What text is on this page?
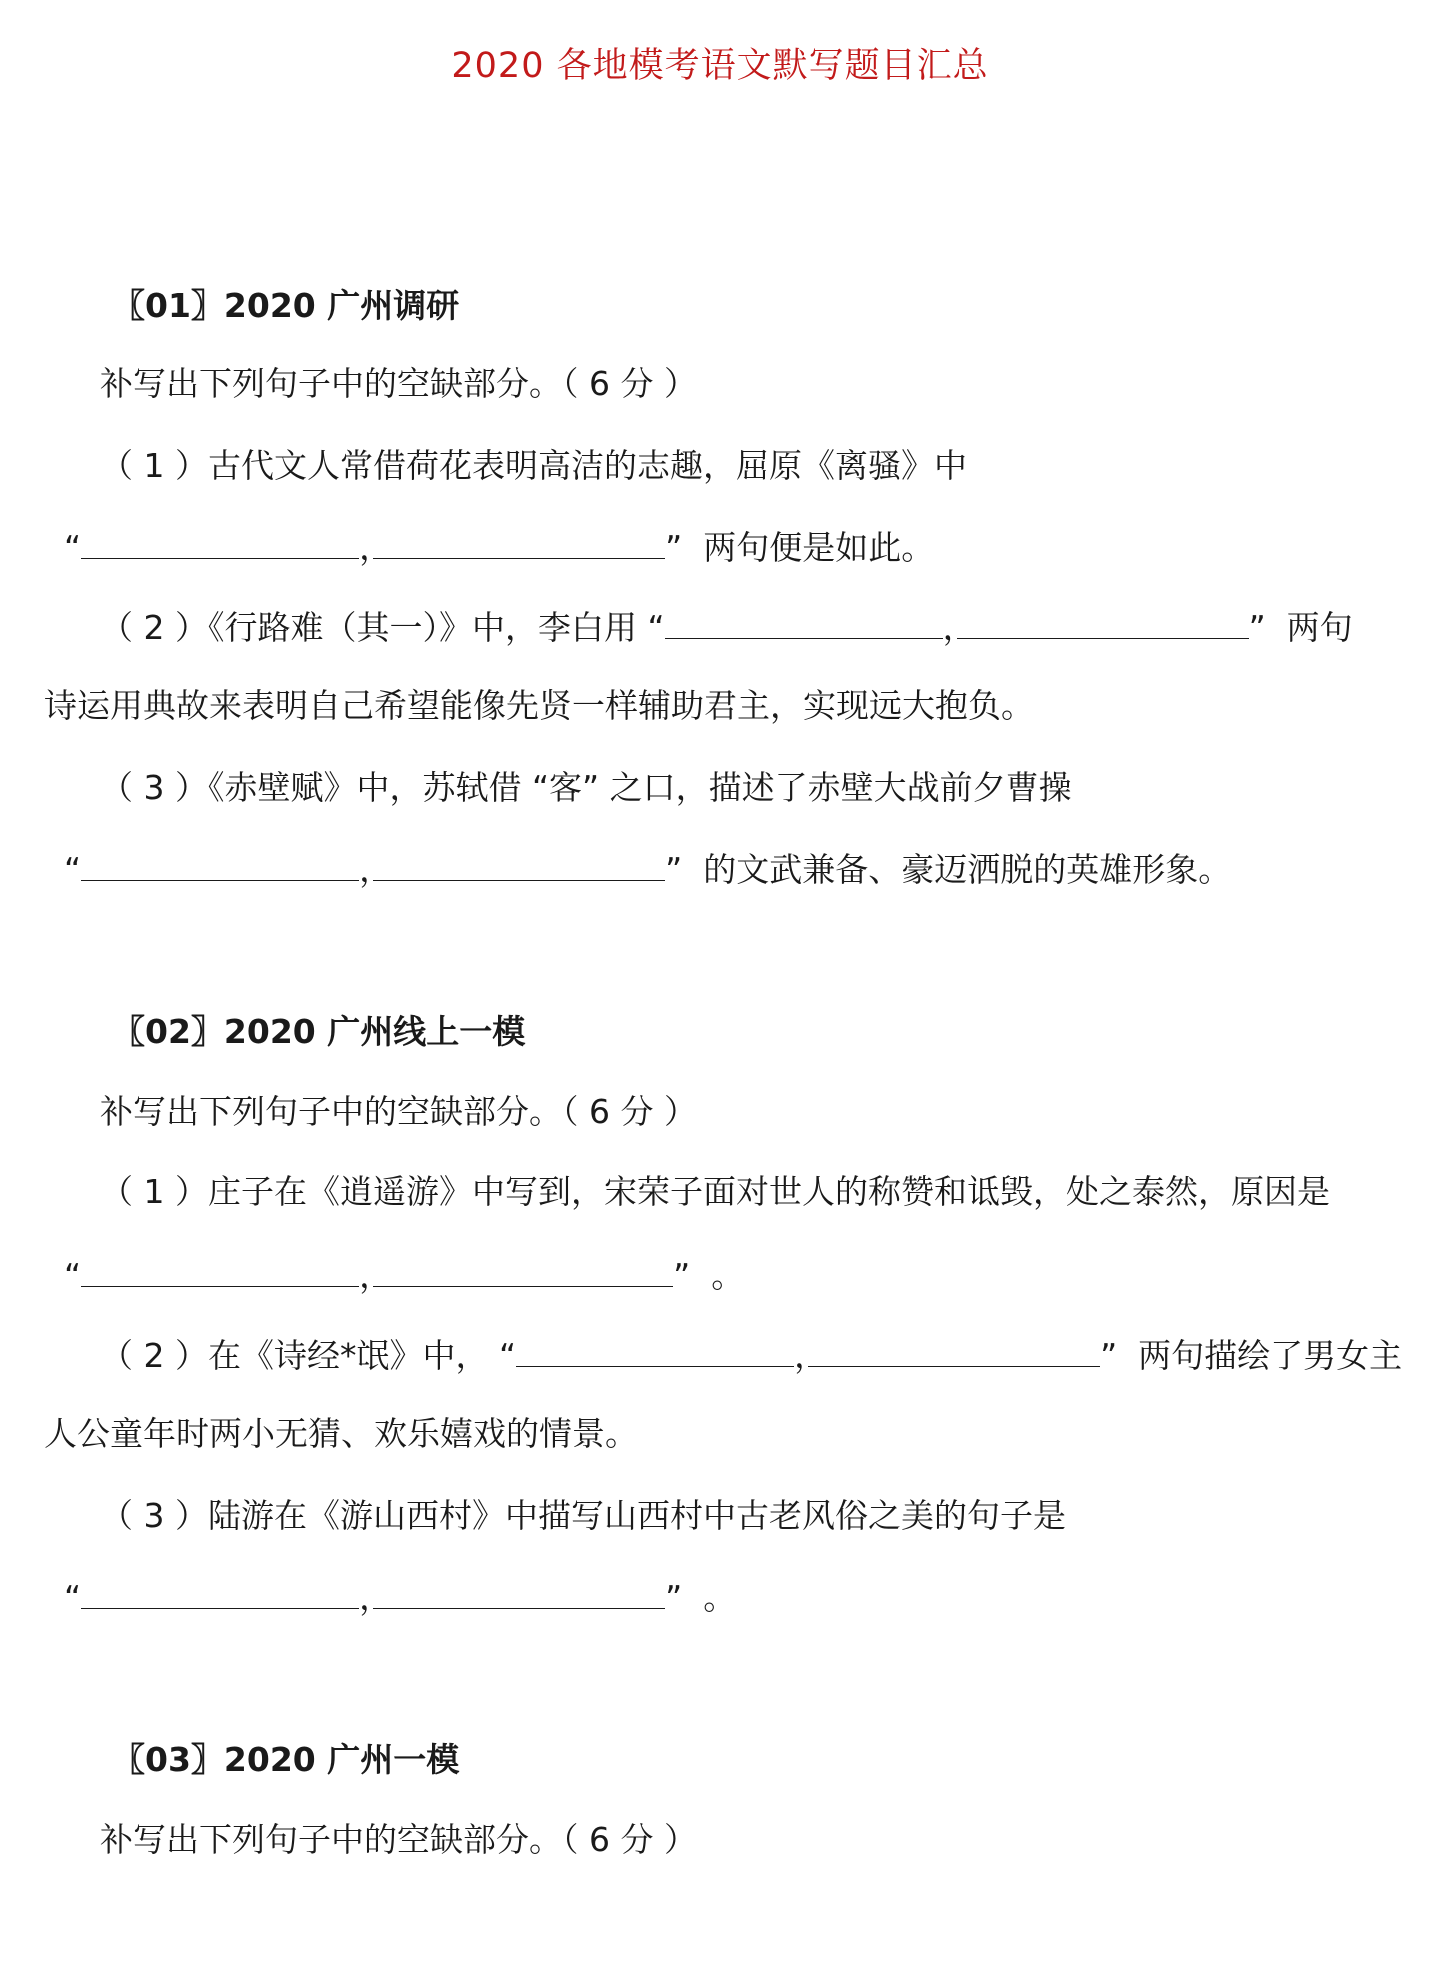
2020 各地模考语文默写题目汇总
〖01〗2020 广州调研
补写出下列句子中的空缺部分。（ 6 分 ）
（ 1 ）古代文人常借荷花表明高洁的志趣，屈原《离骚》中
“	，	” 两句便是如此。
（ 2 ）《行路难（其一）》中，李白用 “	，	” 两句
诗运用典故来表明自己希望能像先贤一样辅助君主，实现远大抱负。
（ 3 ）《赤壁赋》中，苏轼借 “客” 之口，描述了赤壁大战前夕曹操
“	，	” 的文武兼备、豪迈洒脱的英雄形象。
〖02〗2020 广州线上一模
补写出下列句子中的空缺部分。（ 6 分 ）
（ 1 ）庄子在《逍遥游》中写到，宋荣子面对世人的称赞和诋毁，处之泰然，原因是
“	，	” 。
（ 2 ）在《诗经*氓》中， “	，	” 两句描绘了男女主
人公童年时两小无猜、欢乐嬉戏的情景。
（ 3 ）陆游在《游山西村》中描写山西村中古老风俗之美的句子是
“	，	” 。
〖03〗2020 广州一模
补写出下列句子中的空缺部分。（ 6 分 ）
